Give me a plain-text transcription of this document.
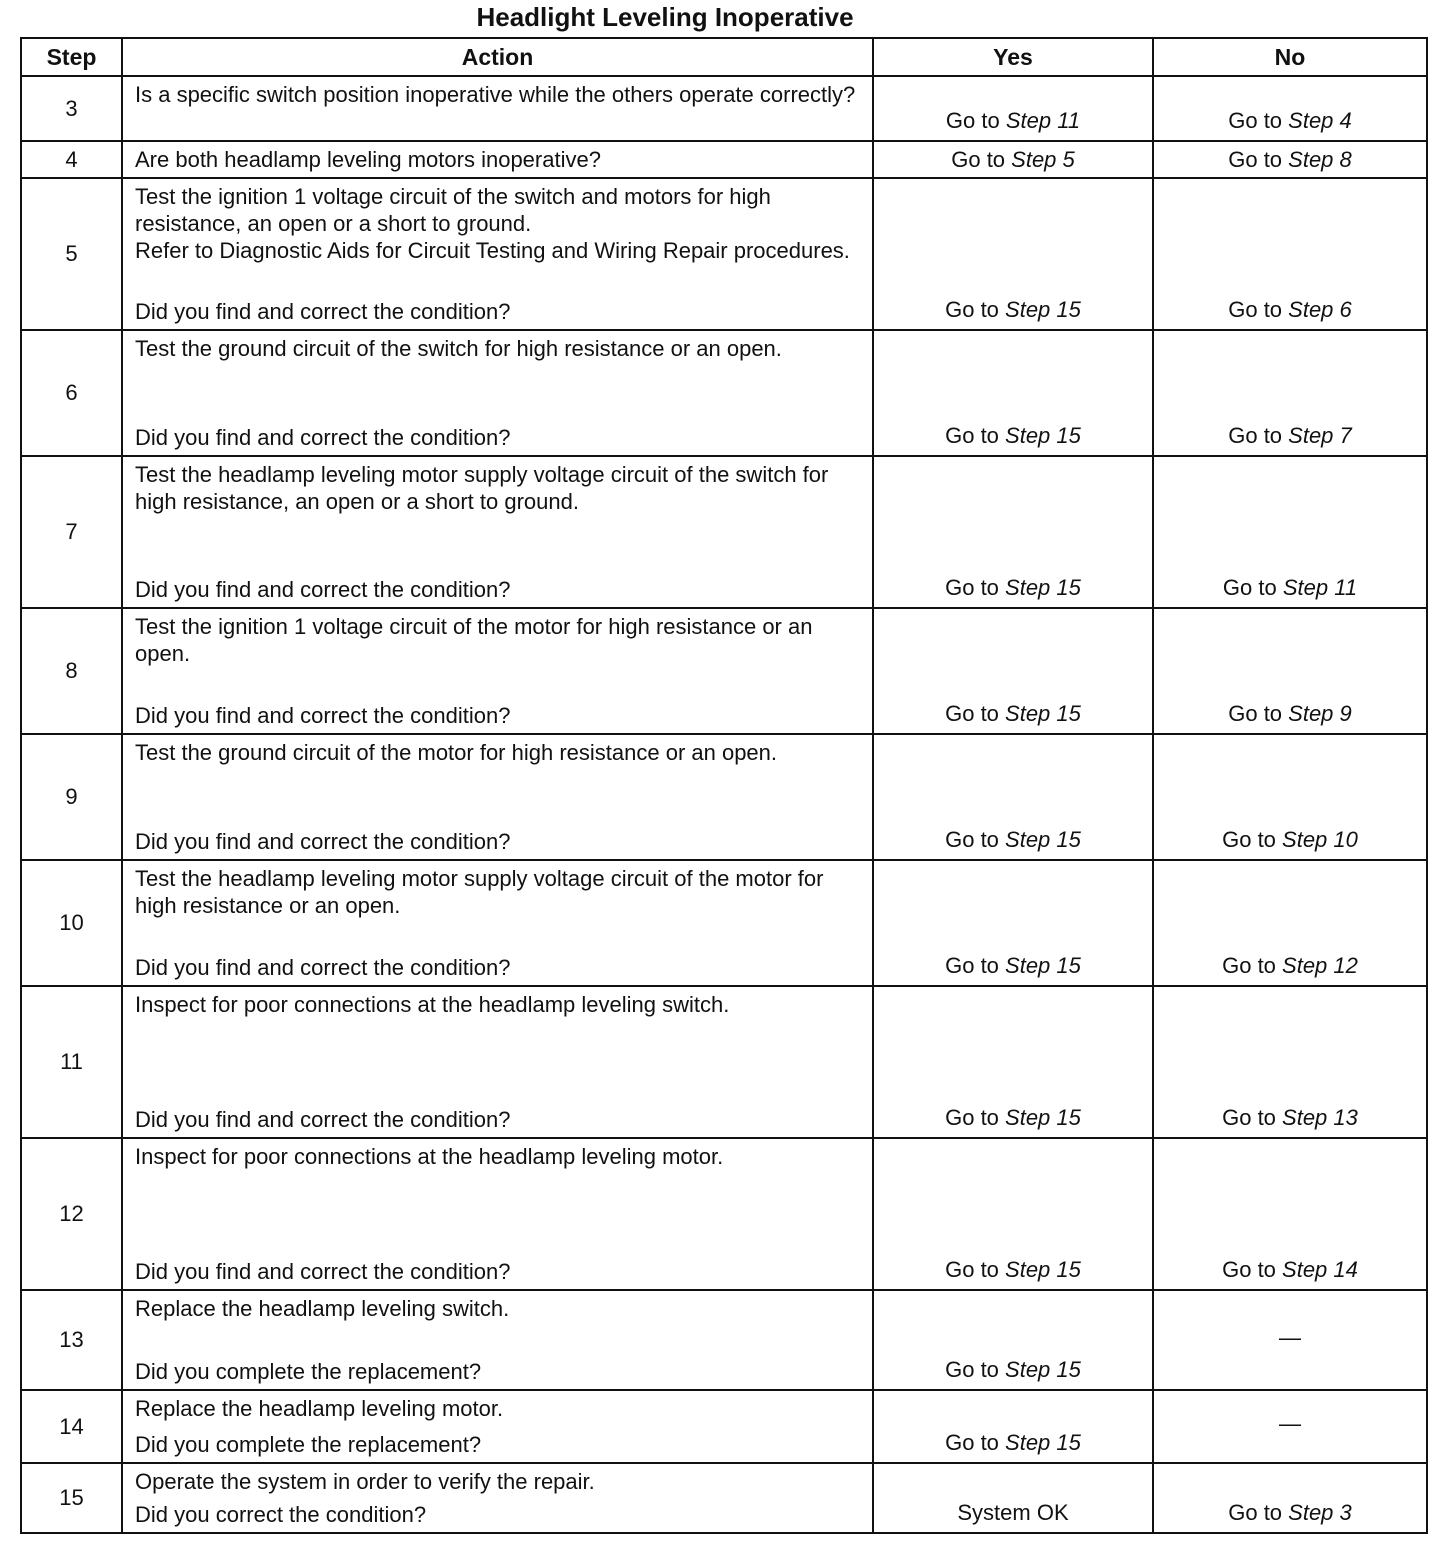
Headlight Leveling Inoperative
Step	Action	Yes	No
3	Is a specific switch position inoperative while the others operate correctly?	Go to Step 11	Go to Step 4
4	Are both headlamp leveling motors inoperative?	Go to Step 5	Go to Step 8
5	Test the ignition 1 voltage circuit of the switch and motors for high resistance, an open or a short to ground.
Refer to Diagnostic Aids for Circuit Testing and Wiring Repair procedures.
Did you find and correct the condition?	Go to Step 15	Go to Step 6
6	Test the ground circuit of the switch for high resistance or an open.
Did you find and correct the condition?	Go to Step 15	Go to Step 7
7	Test the headlamp leveling motor supply voltage circuit of the switch for high resistance, an open or a short to ground.
Did you find and correct the condition?	Go to Step 15	Go to Step 11
8	Test the ignition 1 voltage circuit of the motor for high resistance or an open.
Did you find and correct the condition?	Go to Step 15	Go to Step 9
9	Test the ground circuit of the motor for high resistance or an open.
Did you find and correct the condition?	Go to Step 15	Go to Step 10
10	Test the headlamp leveling motor supply voltage circuit of the motor for high resistance or an open.
Did you find and correct the condition?	Go to Step 15	Go to Step 12
11	Inspect for poor connections at the headlamp leveling switch.
Did you find and correct the condition?	Go to Step 15	Go to Step 13
12	Inspect for poor connections at the headlamp leveling motor.
Did you find and correct the condition?	Go to Step 15	Go to Step 14
13	Replace the headlamp leveling switch.
Did you complete the replacement?	Go to Step 15	—
14	Replace the headlamp leveling motor.
Did you complete the replacement?	Go to Step 15	—
15	Operate the system in order to verify the repair.
Did you correct the condition?	System OK	Go to Step 3
